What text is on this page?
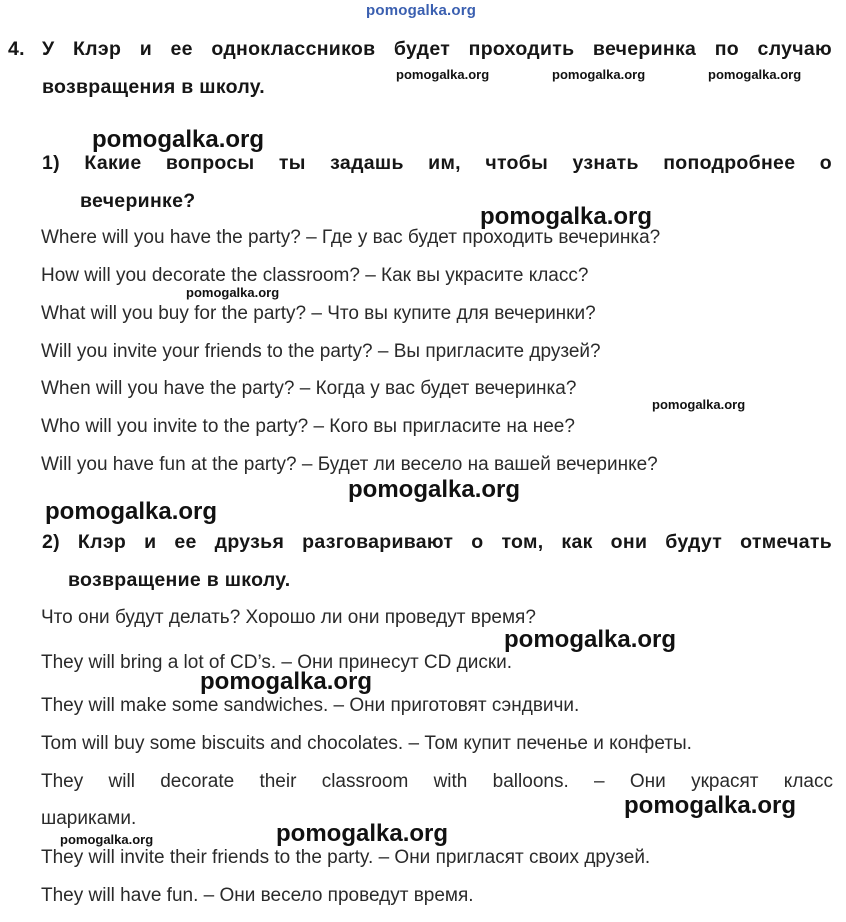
pomogalka.org
4. У Клэр и ее одноклассников будет проходить вечеринка по случаю
возвращения в школу.
pomogalka.org	pomogalka.org	pomogalka.org
pomogalka.org
1) Какие вопросы ты задашь им, чтобы узнать поподробнее о
вечеринке?
pomogalka.org
Where will you have the party? – Где у вас будет проходить вечеринка?
How will you decorate the classroom? – Как вы украсите класс?
pomogalka.org
What will you buy for the party? – Что вы купите для вечеринки?
Will you invite your friends to the party? – Вы пригласите друзей?
When will you have the party? – Когда у вас будет вечеринка?
pomogalka.org
Who will you invite to the party? – Кого вы пригласите на нее?
Will you have fun at the party? – Будет ли весело на вашей вечеринке?
pomogalka.org
pomogalka.org
2) Клэр и ее друзья разговаривают о том, как они будут отмечать
возвращение в школу.
Что они будут делать? Хорошо ли они проведут время?
pomogalka.org
They will bring a lot of CD’s. – Они принесут CD диски.
pomogalka.org
They will make some sandwiches. – Они приготовят сэндвичи.
Tom will buy some biscuits and chocolates. – Том купит печенье и конфеты.
They will decorate their classroom with balloons. – Они украсят класс
pomogalka.org
шариками.
pomogalka.org	pomogalka.org
They will invite their friends to the party. – Они пригласят своих друзей.
They will have fun. – Они весело проведут время.
